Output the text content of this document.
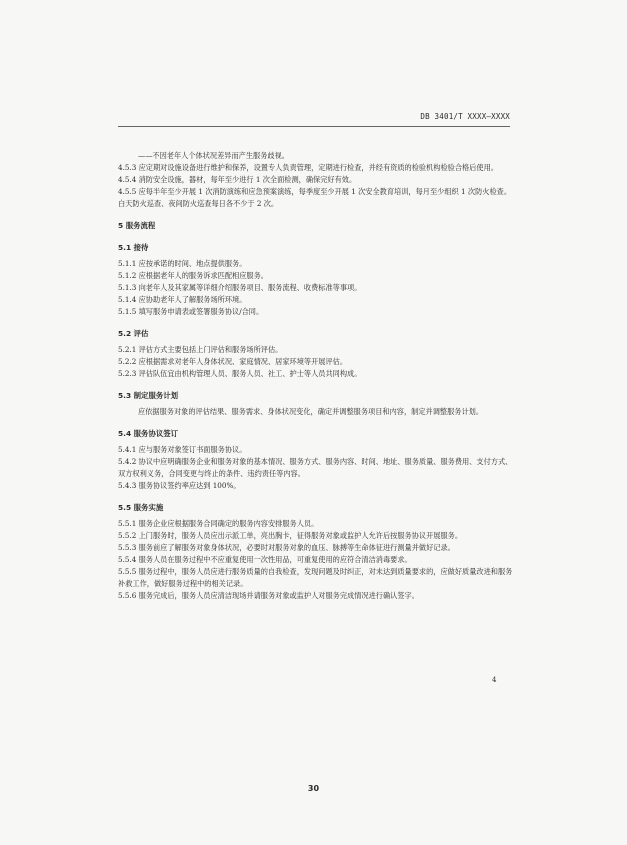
DB 3401/T XXXX—XXXX

——不因老年人个体状况差异而产生服务歧视。

4.5.3 应定期对设施设备进行维护和保养，设置专人负责管理，定期进行检查，并经有资质的检验机构检验合格后使用。

4.5.4 消防安全设施，器材，每年至少进行 1 次全面检测，确保完好有效。

4.5.5 应每半年至少开展 1 次消防演练和应急预案演练，每季度至少开展 1 次安全教育培训，每月至少组织 1 次防火检查。白天防火巡查、夜间防火巡查每日各不少于 2 次。

5 服务流程

5.1 接待

5.1.1 应按承诺的时间、地点提供服务。

5.1.2 应根据老年人的服务诉求匹配相应服务。

5.1.3 向老年人及其家属等详细介绍服务项目、服务流程、收费标准等事项。

5.1.4 应协助老年人了解服务场所环境。

5.1.5 填写服务申请表或签署服务协议/合同。

5.2 评估

5.2.1 评估方式主要包括上门评估和服务场所评估。

5.2.2 应根据需求对老年人身体状况、家庭情况、居家环境等开展评估。

5.2.3 评估队伍宜由机构管理人员、服务人员、社工、护士等人员共同构成。

5.3 制定服务计划

应依据服务对象的评估结果、服务需求、身体状况变化，确定并调整服务项目和内容，制定并调整服务计划。

5.4 服务协议签订

5.4.1 应与服务对象签订书面服务协议。

5.4.2 协议中应明确服务企业和服务对象的基本情况、服务方式、服务内容、时间、地址、服务质量、服务费用、支付方式、双方权利义务，合同变更与终止的条件、违约责任等内容。

5.4.3 服务协议签约率应达到 100%。

5.5 服务实施

5.5.1 服务企业应根据服务合同确定的服务内容安排服务人员。

5.5.2 上门服务时，服务人员应出示派工单，亮出胸卡，征得服务对象或监护人允许后按服务协议开展服务。

5.5.3 服务前应了解服务对象身体状况，必要时对服务对象的血压、脉搏等生命体征进行测量并做好记录。

5.5.4 服务人员在服务过程中不应重复使用一次性用品，可重复使用的应符合清洁消毒要求。

5.5.5 服务过程中，服务人员应进行服务质量的自我检查，发现问题及时纠正，对未达到质量要求的，应做好质量改进和服务补救工作，做好服务过程中的相关记录。

5.5.6 服务完成后，服务人员应清洁现场并请服务对象或监护人对服务完成情况进行确认签字。

4
30
